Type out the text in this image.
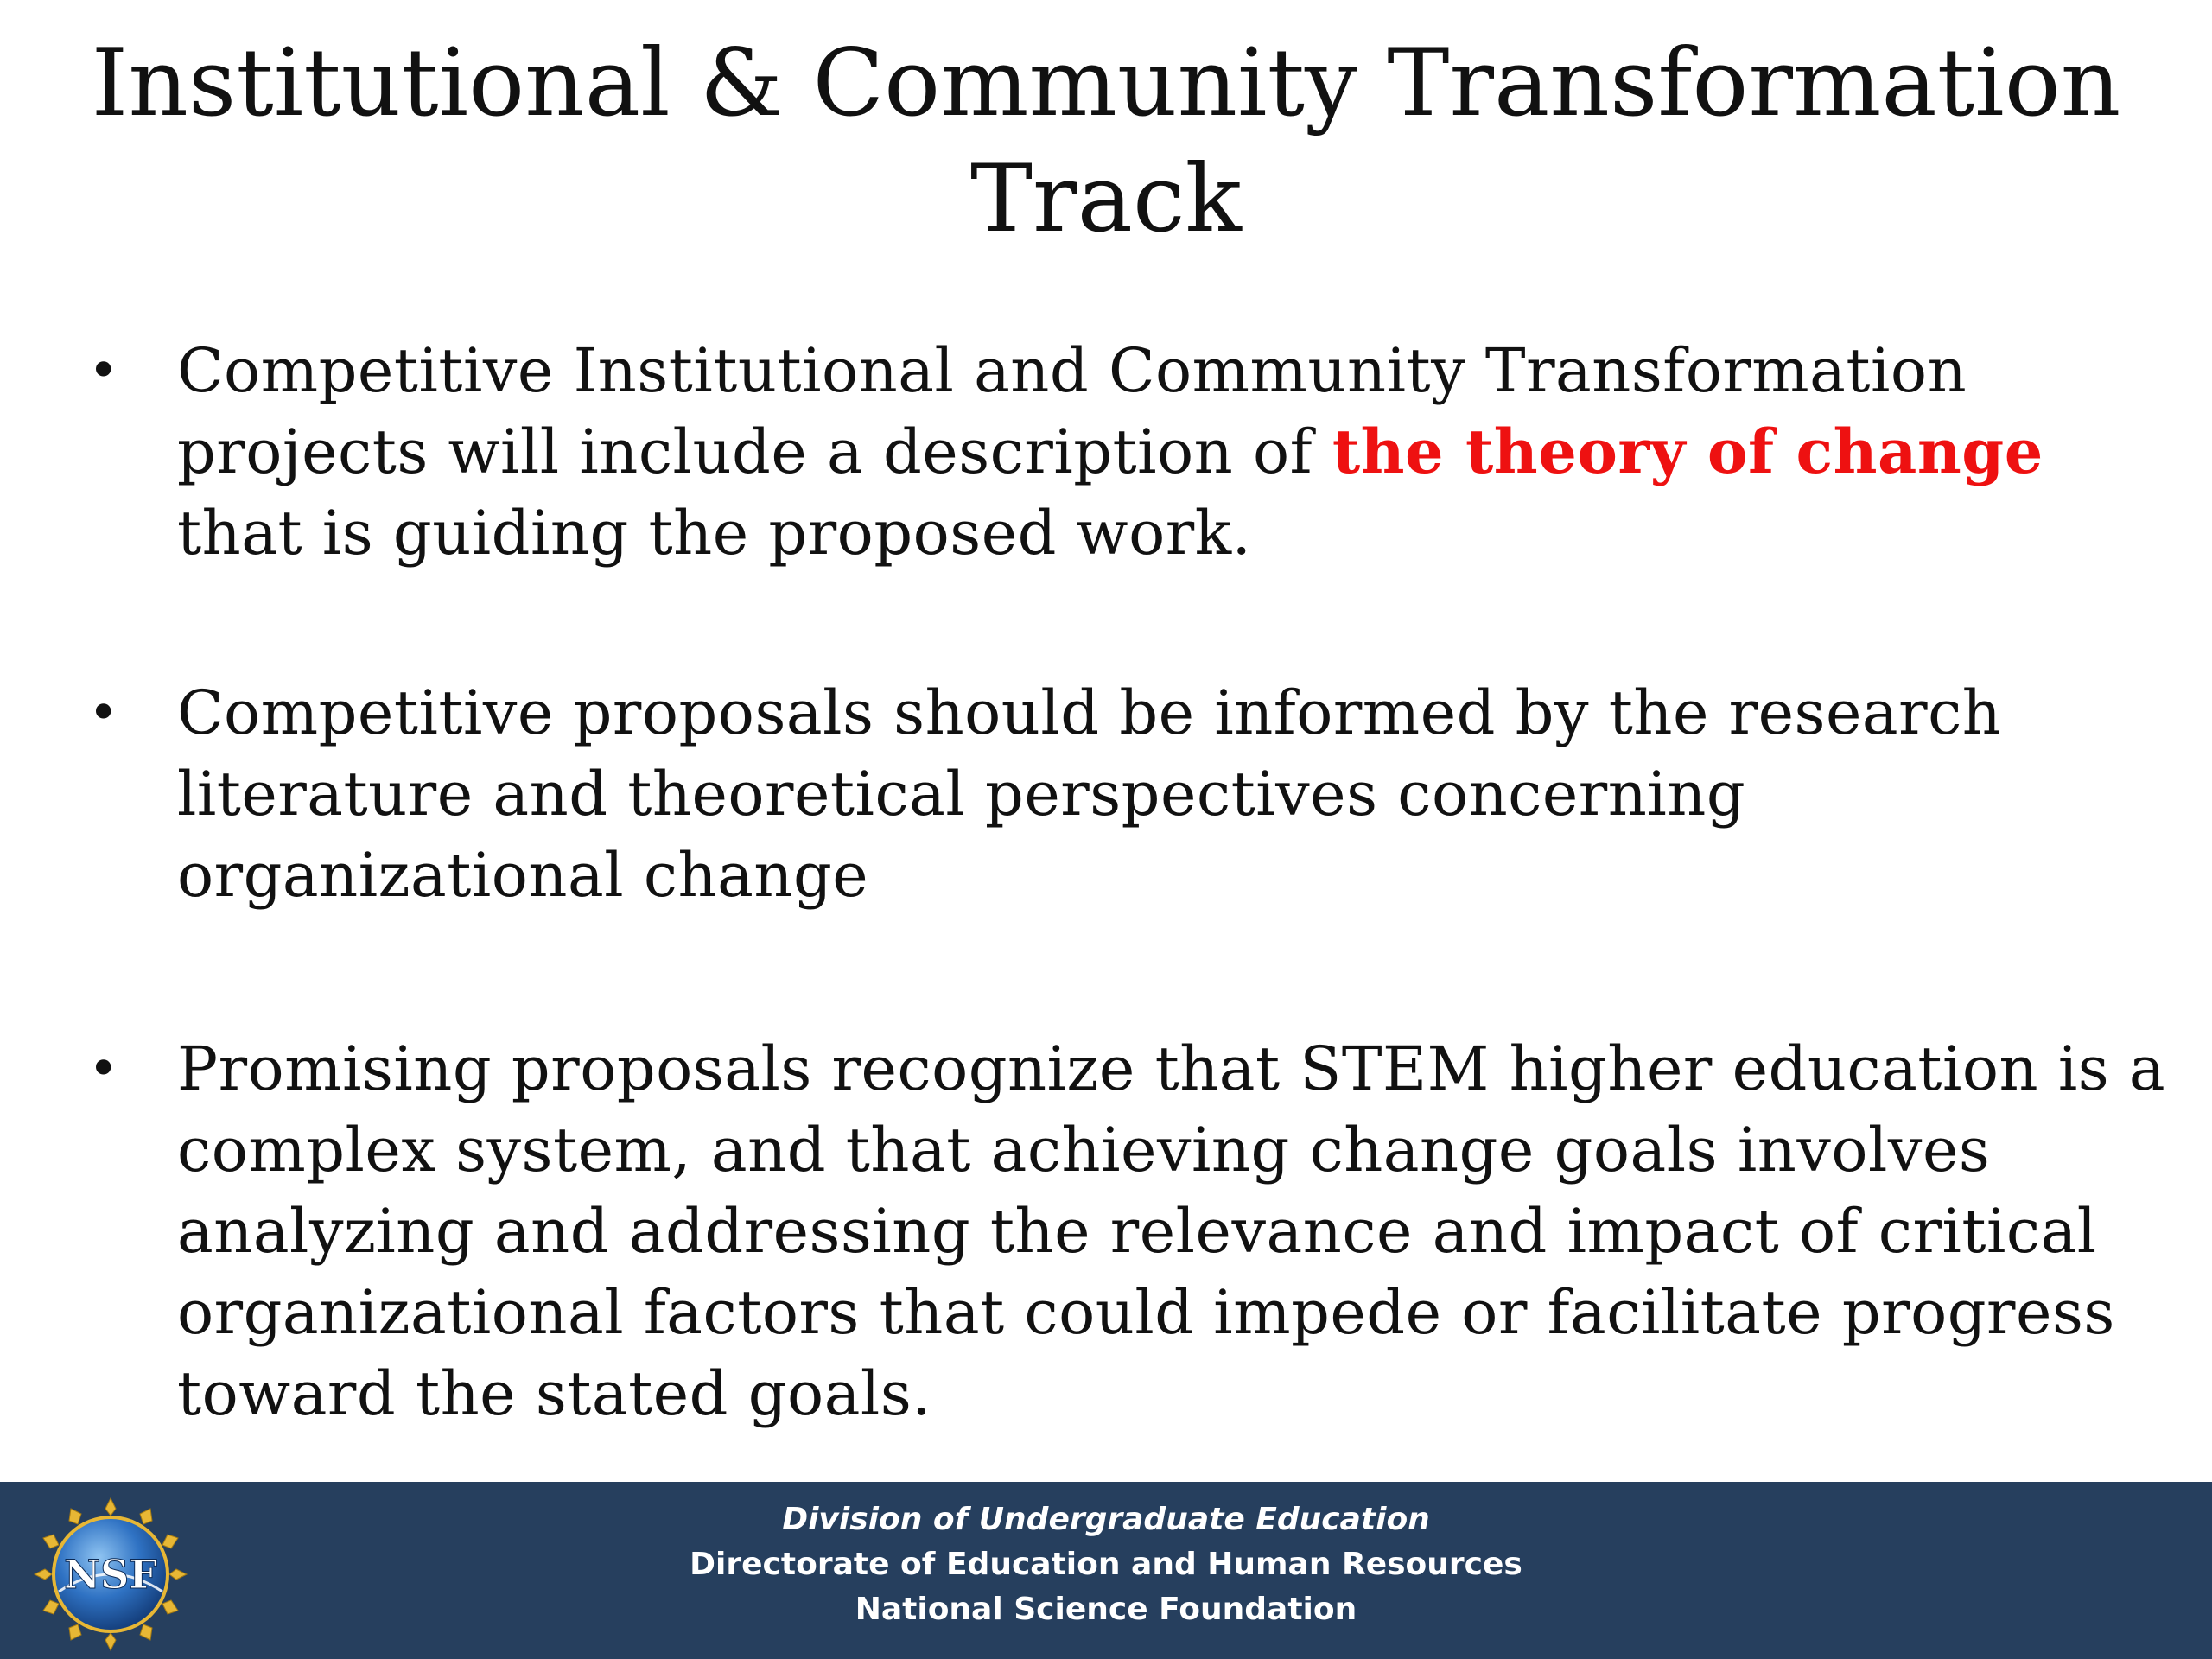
Institutional & Community Transformation
Track
• Competitive Institutional and Community Transformation projects will include a description of the theory of change that is guiding the proposed work.
• Competitive proposals should be informed by the research literature and theoretical perspectives concerning organizational change
• Promising proposals recognize that STEM higher education is a complex system, and that achieving change goals involves analyzing and addressing the relevance and impact of critical organizational factors that could impede or facilitate progress toward the stated goals.
Division of Undergraduate Education
Directorate of Education and Human Resources
National Science Foundation
NSF
